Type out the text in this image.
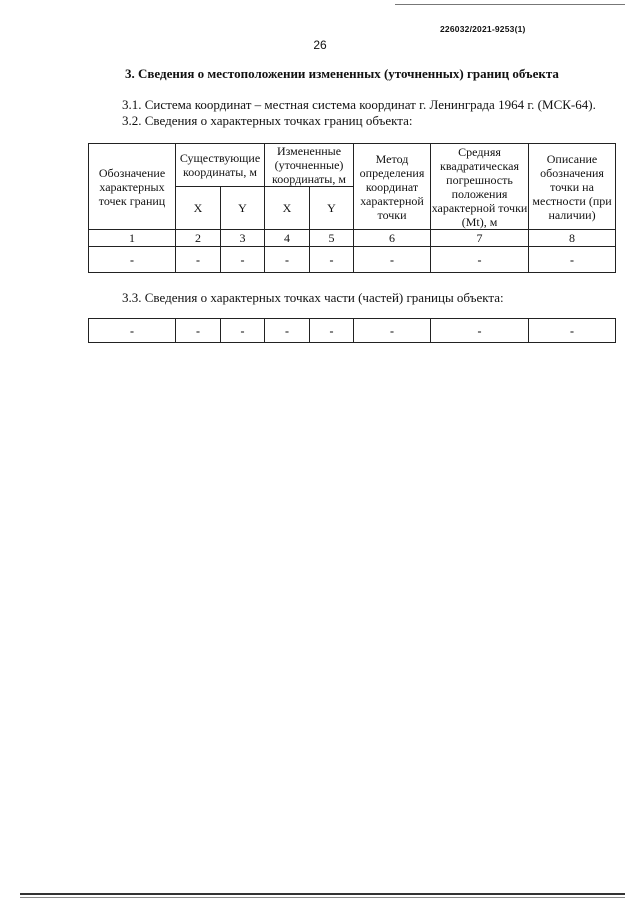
226032/2021-9253(1)
26
3. Сведения о местоположении измененных (уточненных) границ объекта
3.1. Система координат – местная система координат г. Ленинграда 1964 г. (МСК-64).
3.2. Сведения о характерных точках границ объекта:
Обозначение характерных точек границ	Существующие координаты, м		Измененные (уточненные) координаты, м		Метод определения координат характерной точки	Средняя квадратическая погрешность положения характерной точки (Mt), м	Описание обозначения точки на местности (при наличии)
	X	Y	X	Y			
1	2	3	4	5	6	7	8
-	-	-	-	-	-	-	-
3.3. Сведения о характерных точках части (частей) границы объекта:
-	-	-	-	-	-	-	-
